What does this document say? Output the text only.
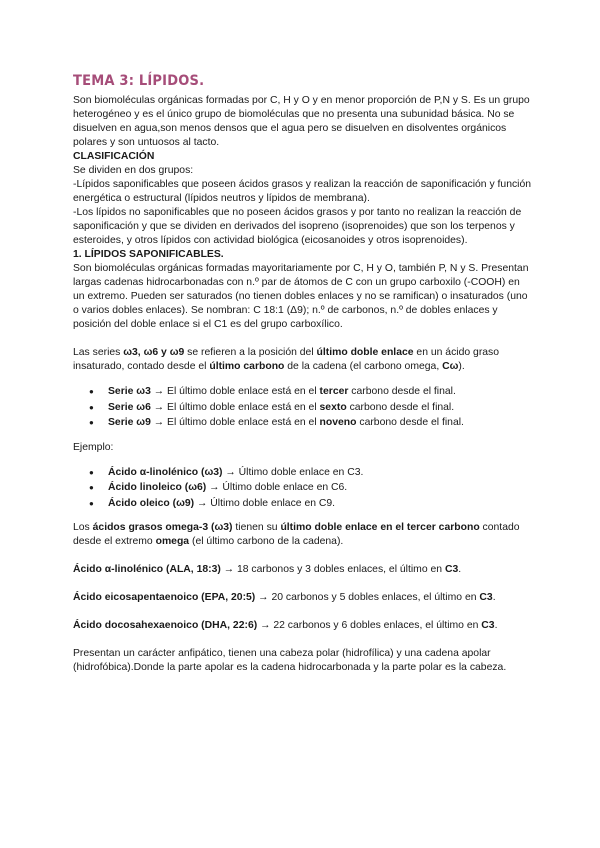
TEMA 3: LÍPIDOS.

Son biomoléculas orgánicas formadas por C, H y O y en menor proporción de P,N y S. Es un grupo heterogéneo y es el único grupo de biomoléculas que no presenta una subunidad básica. No se disuelven en agua,son menos densos que el agua pero se disuelven en disolventes orgánicos polares y son untuosos al tacto.

CLASIFICACIÓN

Se dividen en dos grupos:

-Lípidos saponificables que poseen ácidos grasos y realizan la reacción de saponificación y función energética o estructural (lípidos neutros y lípidos de membrana).

-Los lípidos no saponificables que no poseen ácidos grasos y por tanto no realizan la reacción de saponificación y que se dividen en derivados del isopreno (isoprenoides) que son los terpenos y esteroides, y otros lípidos con actividad biológica (eicosanoides y otros isoprenoides).

1. LÍPIDOS SAPONIFICABLES.

Son biomoléculas orgánicas formadas mayoritariamente por C, H y O, también P, N y S. Presentan largas cadenas hidrocarbonadas con n.º par de átomos de C con un grupo carboxilo (-COOH) en un extremo. Pueden ser saturados (no tienen dobles enlaces y no se ramifican) o insaturados (uno o varios dobles enlaces). Se nombran: C 18:1 (Δ9); n.º de carbonos, n.º de dobles enlaces y posición del doble enlace si el C1 es del grupo carboxílico.

Las series ω3, ω6 y ω9 se refieren a la posición del último doble enlace en un ácido graso insaturado, contado desde el último carbono de la cadena (el carbono omega, Cω).

● Serie ω3 → El último doble enlace está en el tercer carbono desde el final.
● Serie ω6 → El último doble enlace está en el sexto carbono desde el final.
● Serie ω9 → El último doble enlace está en el noveno carbono desde el final.

Ejemplo:

● Ácido α-linolénico (ω3) → Último doble enlace en C3.
● Ácido linoleico (ω6) → Último doble enlace en C6.
● Ácido oleico (ω9) → Último doble enlace en C9.

Los ácidos grasos omega-3 (ω3) tienen su último doble enlace en el tercer carbono contado desde el extremo omega (el último carbono de la cadena).

Ácido α-linolénico (ALA, 18:3) → 18 carbonos y 3 dobles enlaces, el último en C3.

Ácido eicosapentaenoico (EPA, 20:5) → 20 carbonos y 5 dobles enlaces, el último en C3.

Ácido docosahexaenoico (DHA, 22:6) → 22 carbonos y 6 dobles enlaces, el último en C3.

Presentan un carácter anfipático, tienen una cabeza polar (hidrofílica) y una cadena apolar (hidrofóbica).Donde la parte apolar es la cadena hidrocarbonada y la parte polar es la cabeza.
